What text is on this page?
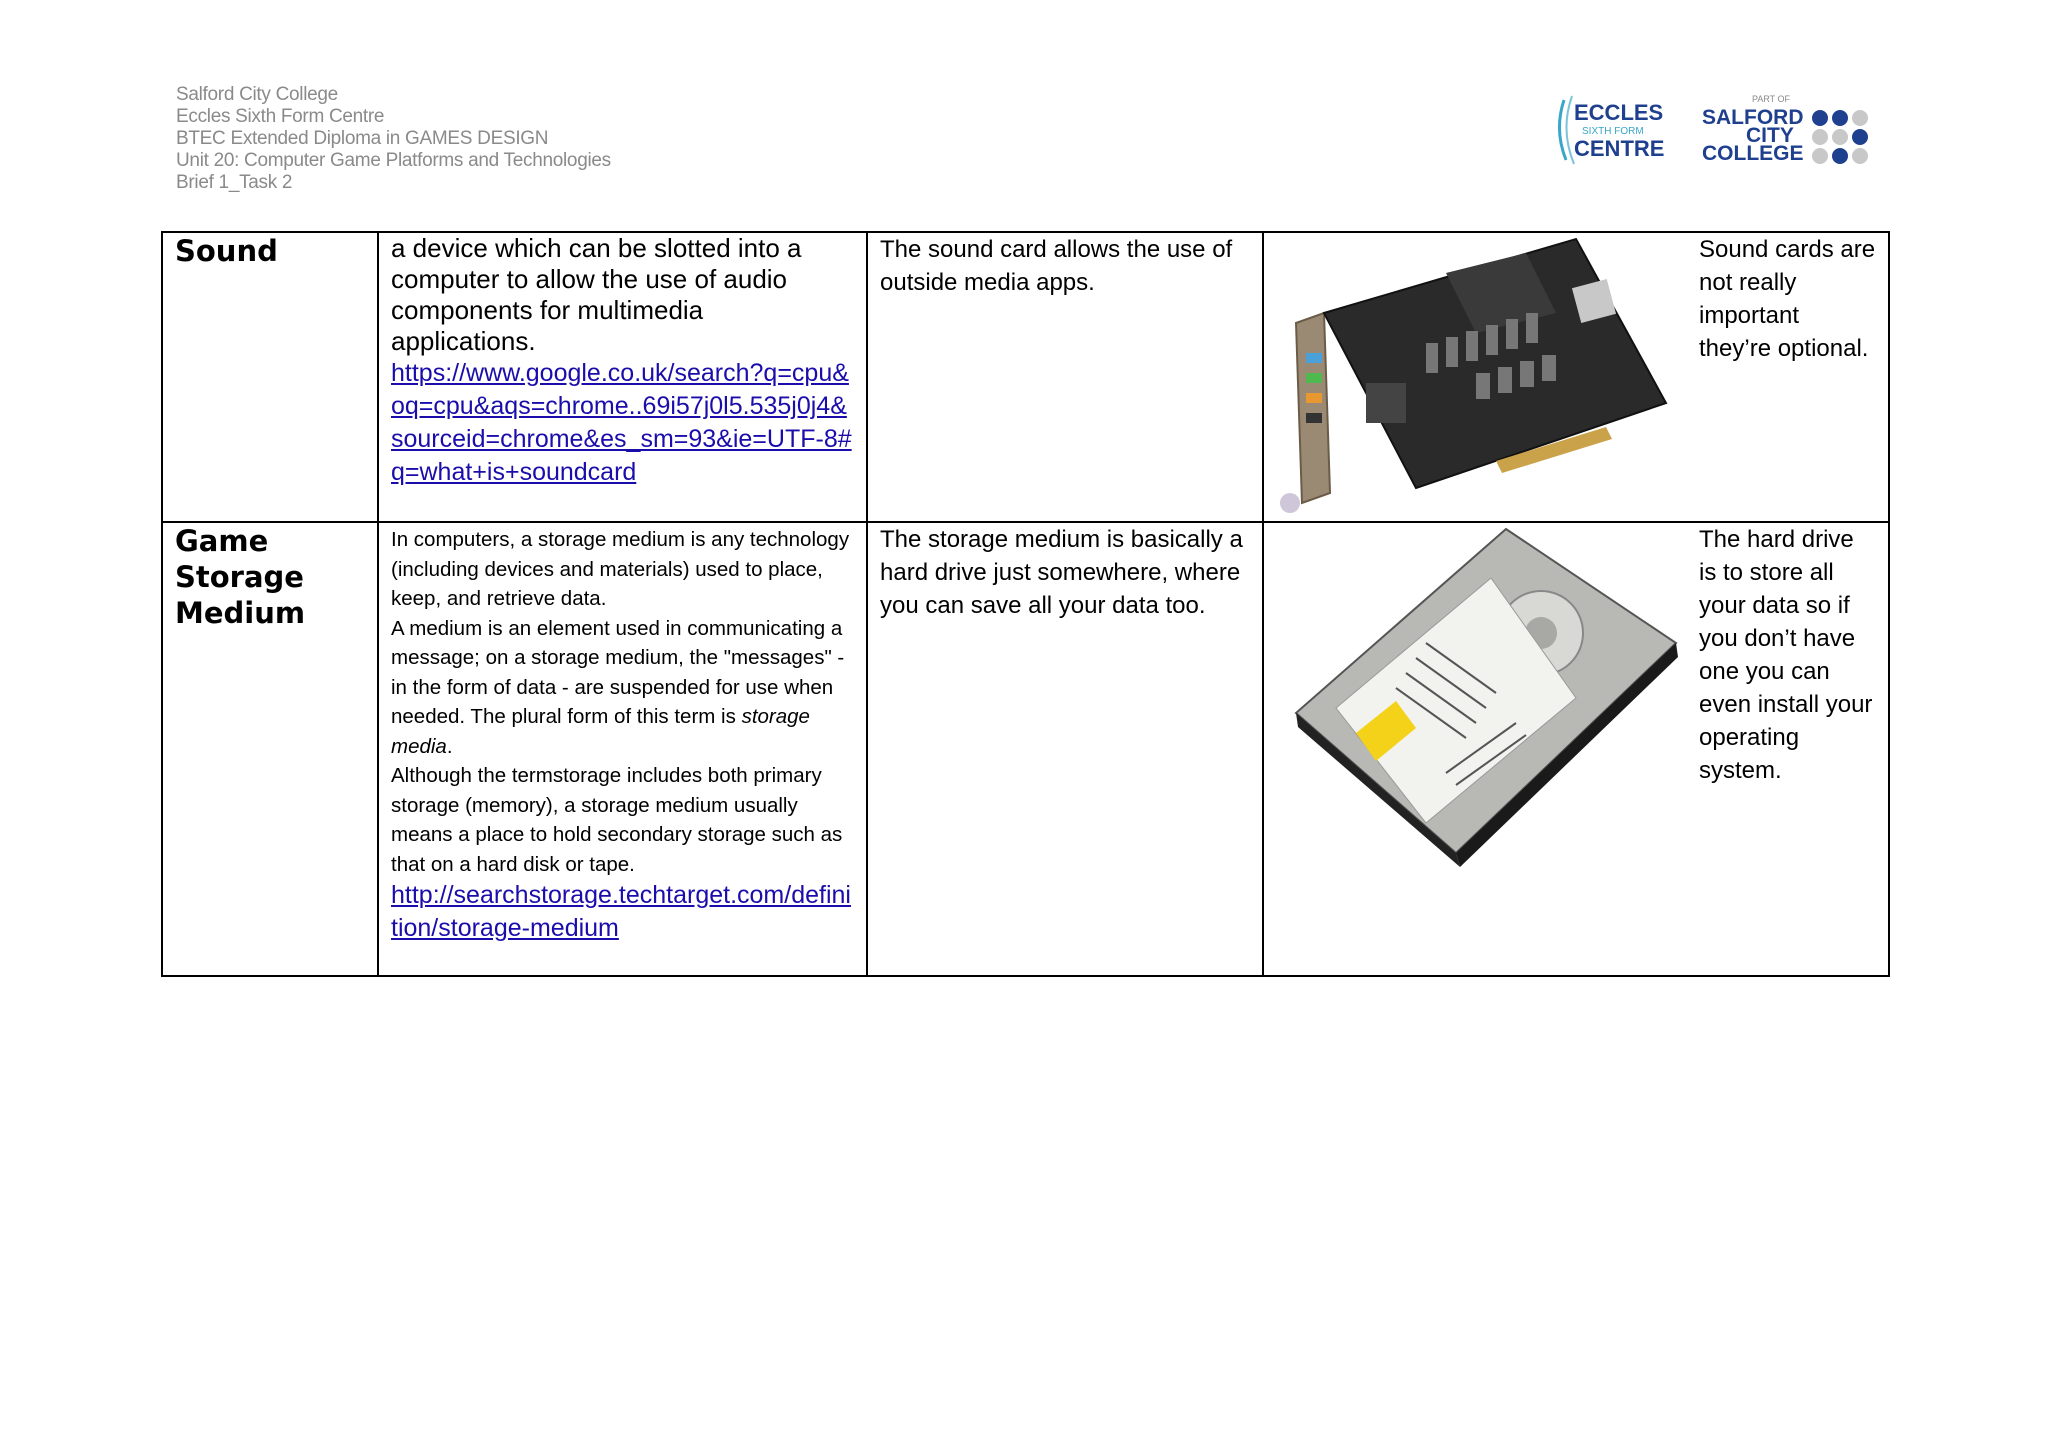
Salford City College
Eccles Sixth Form Centre
BTEC Extended Diploma in GAMES DESIGN
Unit 20: Computer Game Platforms and Technologies
Brief 1_Task 2
ECCLES
SIXTH FORM
CENTRE
PART OF
SALFORD
CITY
COLLEGE
Sound	a device which can be slotted into a computer to allow the use of audio components for multimedia applications.
https://www.google.co.uk/search?q=cpu&oq=cpu&aqs=chrome..69i57j0l5.535j0j4&sourceid=chrome&es_sm=93&ie=UTF-8#q=what+is+soundcard	The sound card allows the use of outside media apps.		Sound cards are not really important they’re optional.
Game Storage Medium	In computers, a storage medium is any technology (including devices and materials) used to place, keep, and retrieve data.
A medium is an element used in communicating a message; on a storage medium, the "messages" - in the form of data - are suspended for use when needed. The plural form of this term is storage media.
Although the termstorage includes both primary storage (memory), a storage medium usually means a place to hold secondary storage such as that on a hard disk or tape.
http://searchstorage.techtarget.com/definition/storage-medium	The storage medium is basically a hard drive just somewhere, where you can save all your data too.		The hard drive is to store all your data so if you don’t have one you can even install your operating system.
